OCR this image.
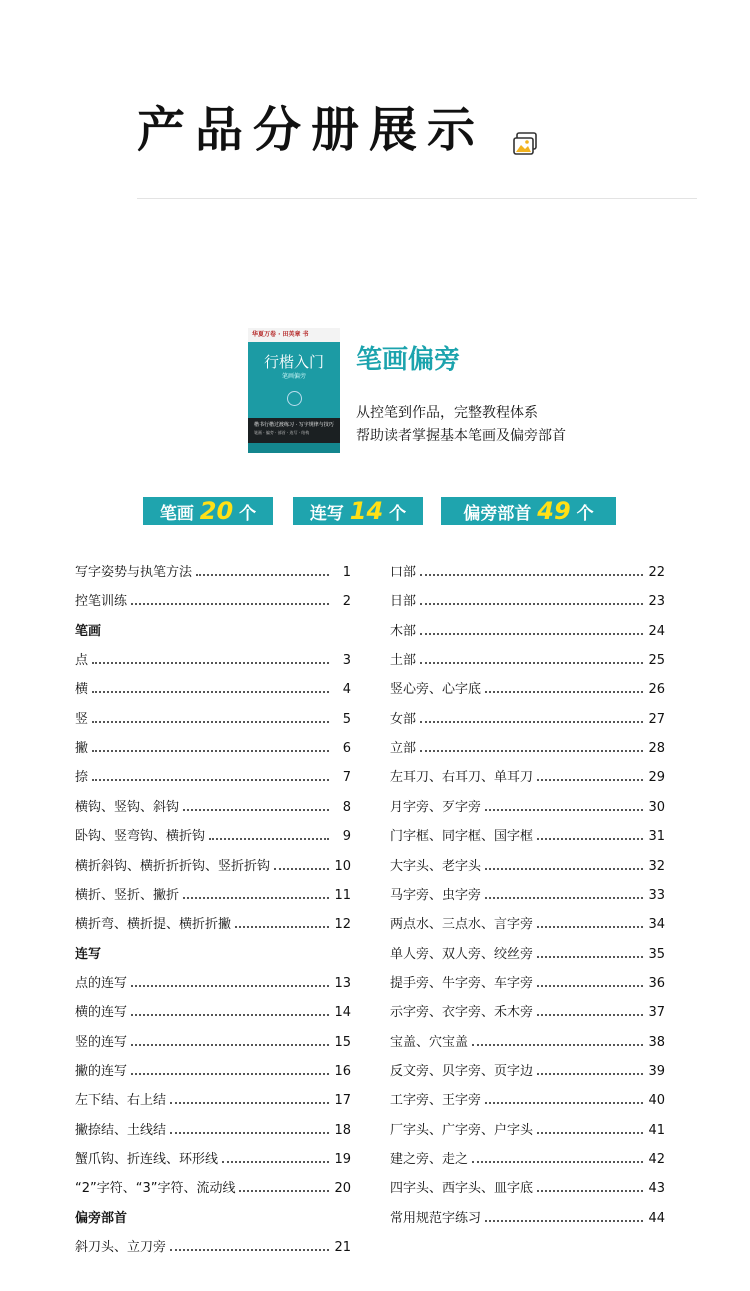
产品分册展示
华夏万卷 · 田英章 书
行楷入门
笔画偏旁
楷书行楷过渡练习 · 写字规律与技巧
笔画 · 偏旁 · 部首 · 连写 · 结构
笔画偏旁
从控笔到作品，完整教程体系
帮助读者掌握基本笔画及偏旁部首
笔画 20 个	连写 14 个	偏旁部首 49 个
写字姿势与执笔方法	1
控笔训练	2
笔画
点	3
横	4
竖	5
撇	6
捺	7
横钩、竖钩、斜钩	8
卧钩、竖弯钩、横折钩	9
横折斜钩、横折折折钩、竖折折钩	10
横折、竖折、撇折	11
横折弯、横折提、横折折撇	12
连写
点的连写	13
横的连写	14
竖的连写	15
撇的连写	16
左下结、右上结	17
撇捺结、土线结	18
蟹爪钩、折连线、环形线	19
“2”字符、“3”字符、流动线	20
偏旁部首
斜刀头、立刀旁	21
口部	22
日部	23
木部	24
土部	25
竖心旁、心字底	26
女部	27
立部	28
左耳刀、右耳刀、单耳刀	29
月字旁、歹字旁	30
门字框、同字框、国字框	31
大字头、老字头	32
马字旁、虫字旁	33
两点水、三点水、言字旁	34
单人旁、双人旁、绞丝旁	35
提手旁、牛字旁、车字旁	36
示字旁、衣字旁、禾木旁	37
宝盖、穴宝盖	38
反文旁、贝字旁、页字边	39
工字旁、王字旁	40
厂字头、广字旁、户字头	41
建之旁、走之	42
四字头、西字头、皿字底	43
常用规范字练习	44
